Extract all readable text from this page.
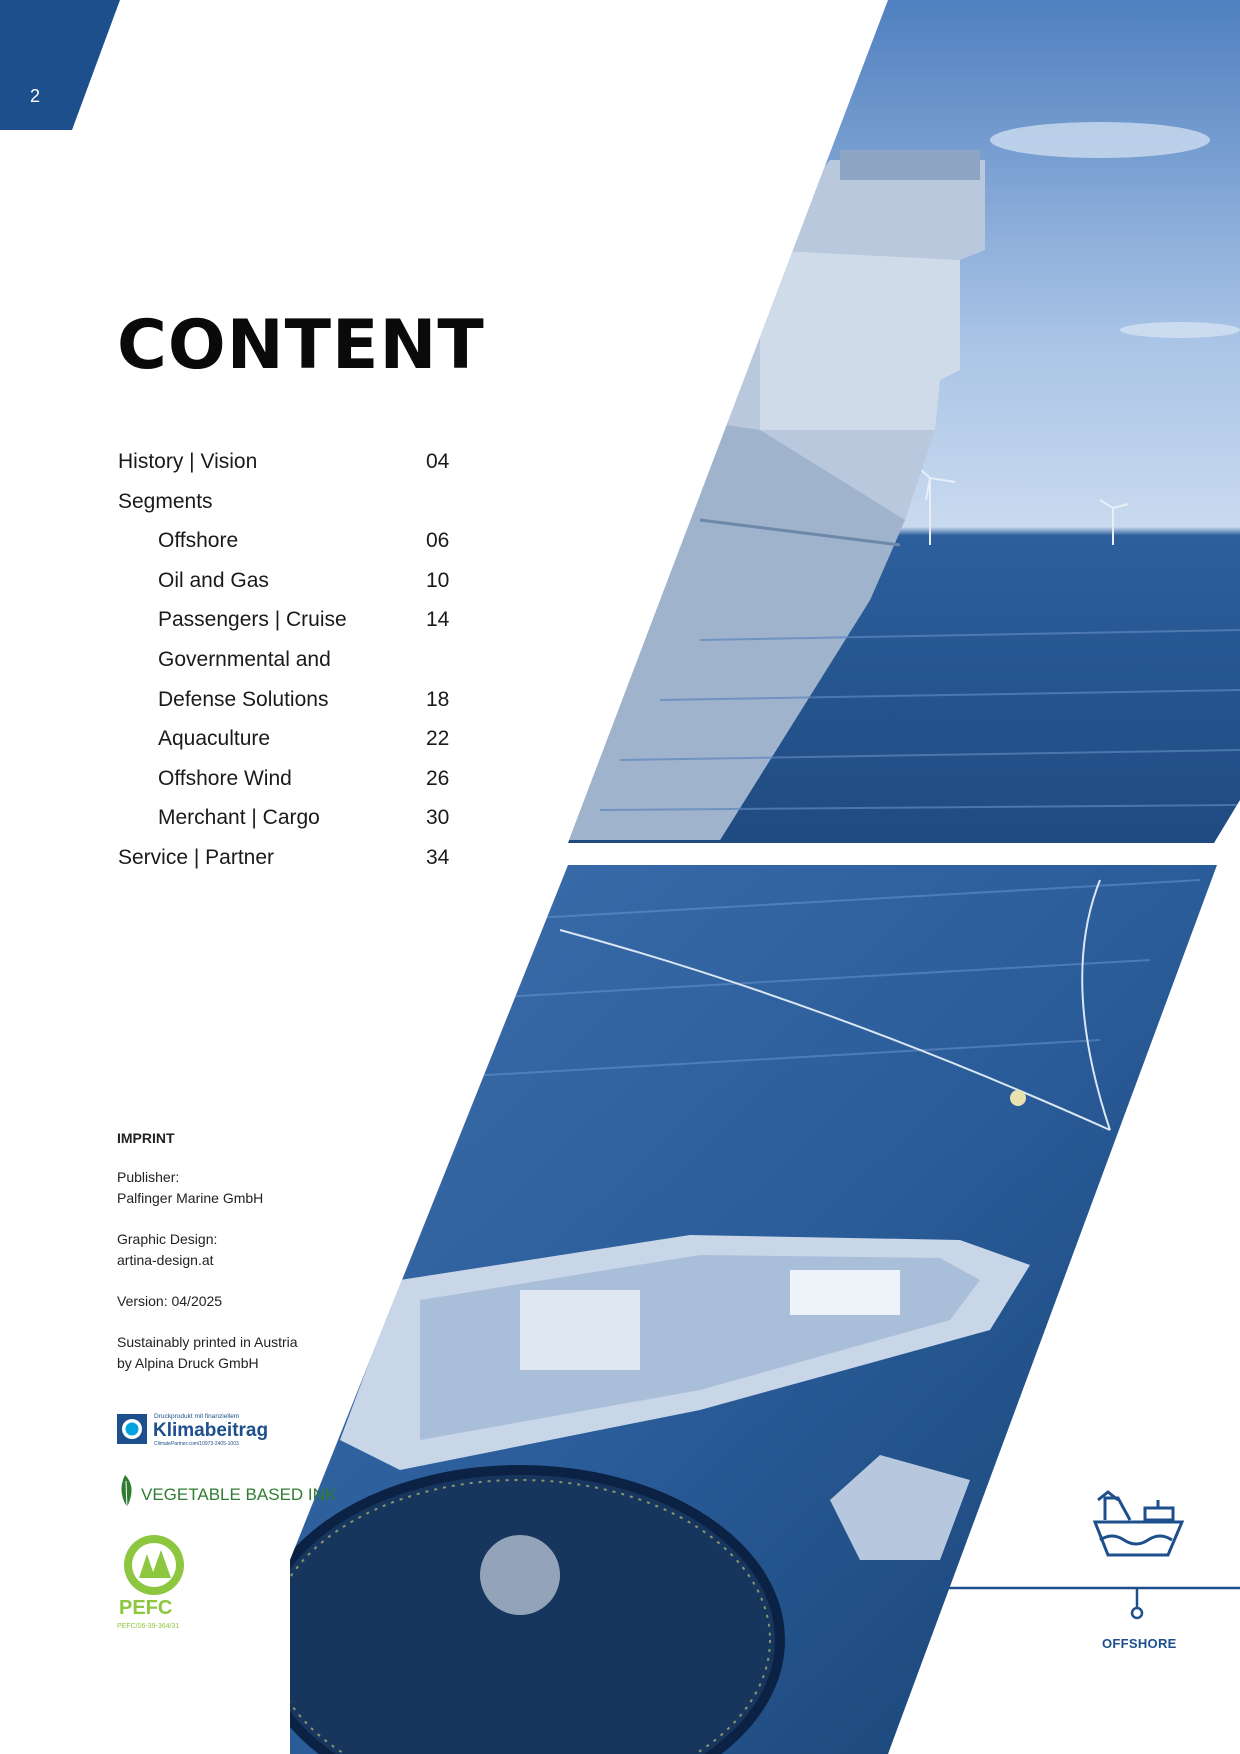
2
OFFSHORE
CONTENT
History | Vision	04
Segments
Offshore	06
Oil and Gas	10
Passengers | Cruise	14
Governmental and
Defense Solutions	18
Aquaculture	22
Offshore Wind	26
Merchant | Cargo	30
Service | Partner	34
IMPRINT

Publisher:
Palfinger Marine GmbH

Graphic Design:
artina-design.at

Version: 04/2025

Sustainably printed in Austria
by Alpina Druck GmbH

Druckprodukt mit finanziellem
Klimabeitrag
ClimatePartner.com/10973-2405-1003
VEGETABLE BASED INK
PEFC
PEFC/06-39-364/31
